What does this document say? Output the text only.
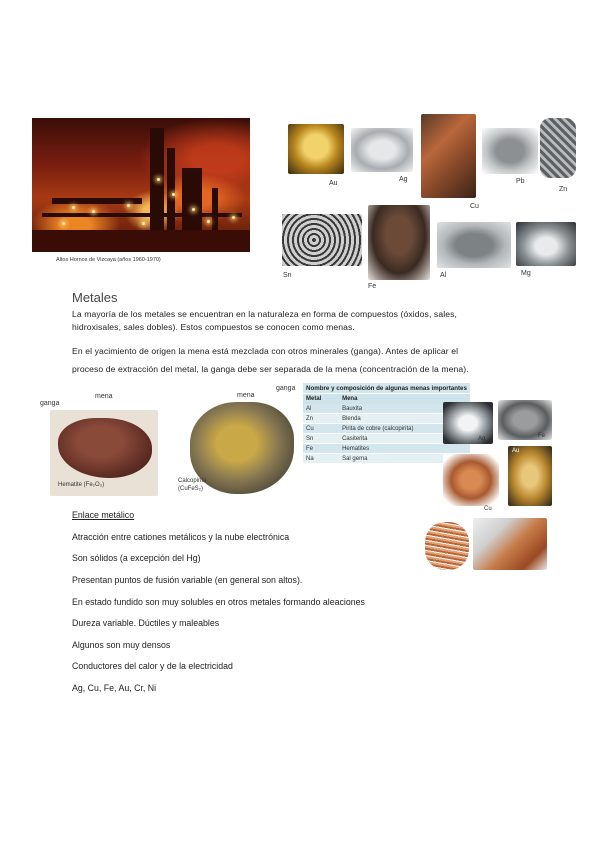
Altos Hornos de Vizcaya (años 1960-1970)
Au
Ag
Cu
Pb
Zn
Sn
Fe
Al	Mg
Metales
La mayoría de los metales se encuentran en la naturaleza en forma de compuestos (óxidos, sales,
hidroxisales, sales dobles). Estos compuestos se conocen como menas.
En el yacimiento de origen la mena está mezclada con otros minerales (ganga). Antes de aplicar el
proceso de extracción del metal, la ganga debe ser separada de la mena (concentración de la mena).
ganga
mena
Hematite (Fe₂O₃)
mena
ganga
Calcopirita
(CuFeS₂)
Nombre y composición de algunas menas importantes	
Metal	Mena
Al	Bauxita
Zn	Blenda
Cu	Pirita de cobre (calcopirita)
Sn	Casiterita
Fe	Hematites
Na	Sal gema
Ag	Fe
Cu
Au
Enlace metálico
Atracción entre cationes metálicos y la nube electrónica
Son sólidos (a excepción del Hg)
Presentan puntos de fusión variable (en general son altos).
En estado fundido son muy solubles en otros metales formando aleaciones
Dureza variable. Dúctiles y maleables
Algunos son muy densos
Conductores del calor y de la electricidad
Ag, Cu, Fe, Au, Cr, Ni
